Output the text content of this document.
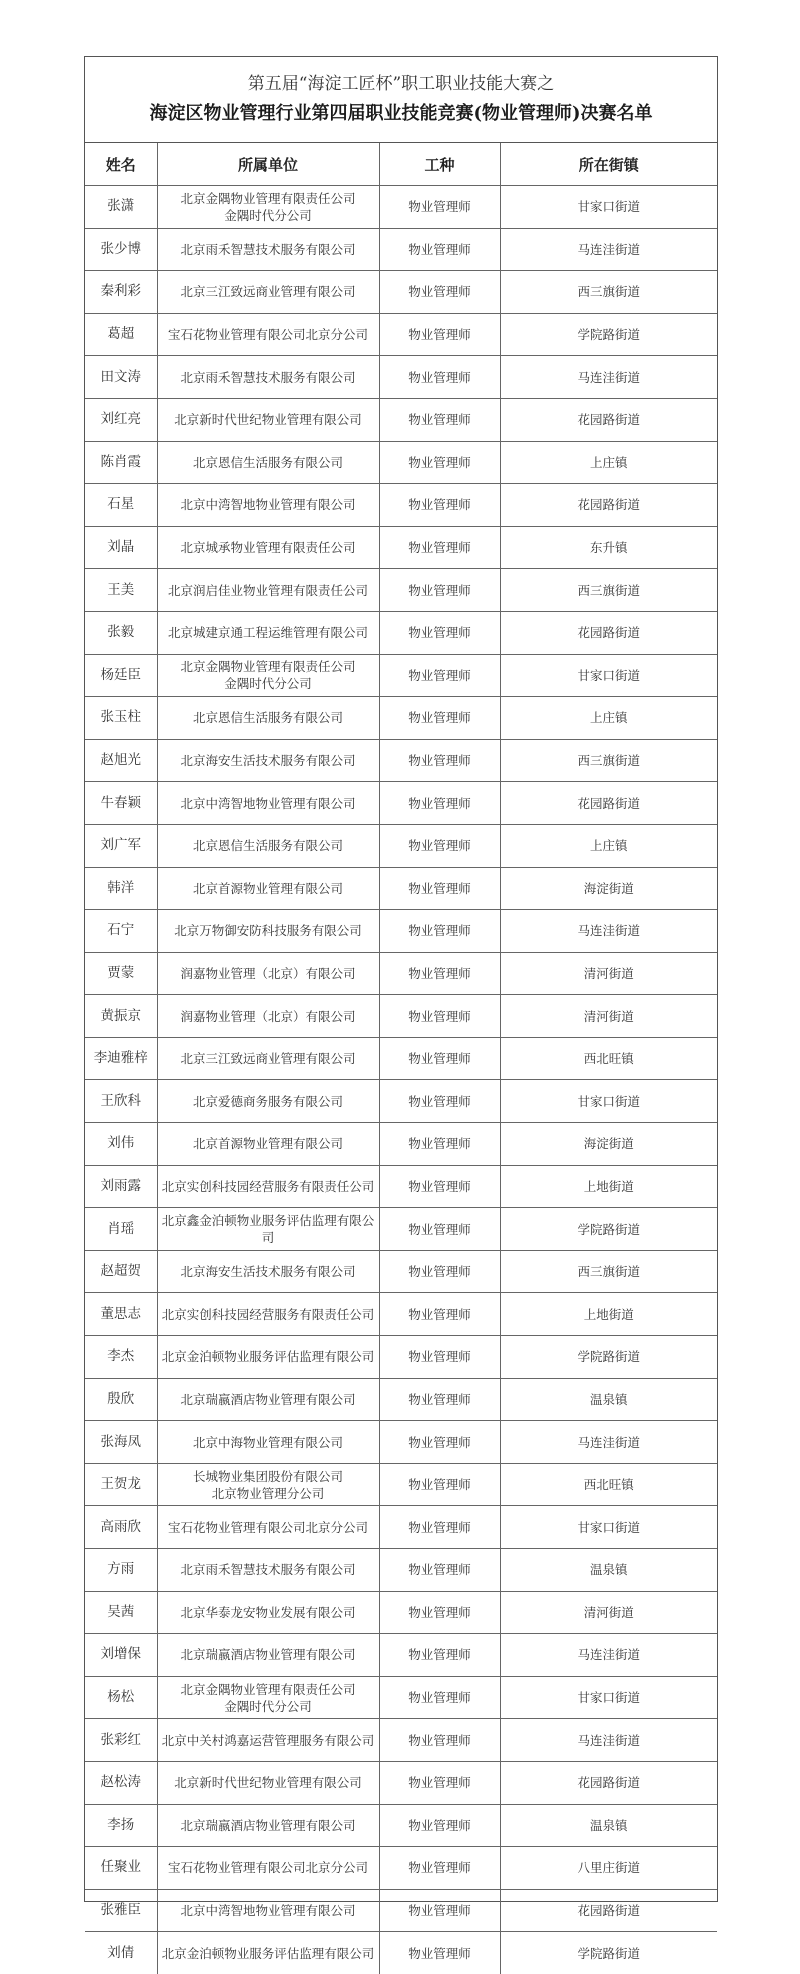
第五届“海淀工匠杯”职工职业技能大赛之
海淀区物业管理行业第四届职业技能竞赛(物业管理师)决赛名单
姓名	所属单位	工种	所在街镇
张潇	北京金隅物业管理有限责任公司
金隅时代分公司	物业管理师	甘家口街道
张少博	北京雨禾智慧技术服务有限公司	物业管理师	马连洼街道
秦利彩	北京三江致远商业管理有限公司	物业管理师	西三旗街道
葛超	宝石花物业管理有限公司北京分公司	物业管理师	学院路街道
田文涛	北京雨禾智慧技术服务有限公司	物业管理师	马连洼街道
刘红亮	北京新时代世纪物业管理有限公司	物业管理师	花园路街道
陈肖霞	北京恩信生活服务有限公司	物业管理师	上庄镇
石星	北京中湾智地物业管理有限公司	物业管理师	花园路街道
刘晶	北京城承物业管理有限责任公司	物业管理师	东升镇
王美	北京润启佳业物业管理有限责任公司	物业管理师	西三旗街道
张毅	北京城建京通工程运维管理有限公司	物业管理师	花园路街道
杨廷臣	北京金隅物业管理有限责任公司
金隅时代分公司	物业管理师	甘家口街道
张玉柱	北京恩信生活服务有限公司	物业管理师	上庄镇
赵旭光	北京海安生活技术服务有限公司	物业管理师	西三旗街道
牛春颖	北京中湾智地物业管理有限公司	物业管理师	花园路街道
刘广军	北京恩信生活服务有限公司	物业管理师	上庄镇
韩洋	北京首源物业管理有限公司	物业管理师	海淀街道
石宁	北京万物御安防科技服务有限公司	物业管理师	马连洼街道
贾蒙	润嘉物业管理（北京）有限公司	物业管理师	清河街道
黄振京	润嘉物业管理（北京）有限公司	物业管理师	清河街道
李迪雅梓	北京三江致远商业管理有限公司	物业管理师	西北旺镇
王欣科	北京爱德商务服务有限公司	物业管理师	甘家口街道
刘伟	北京首源物业管理有限公司	物业管理师	海淀街道
刘雨露	北京实创科技园经营服务有限责任公司	物业管理师	上地街道
肖瑶	北京鑫金泊顿物业服务评估监理有限公
司	物业管理师	学院路街道
赵超贺	北京海安生活技术服务有限公司	物业管理师	西三旗街道
董思志	北京实创科技园经营服务有限责任公司	物业管理师	上地街道
李杰	北京金泊顿物业服务评估监理有限公司	物业管理师	学院路街道
殷欣	北京瑞嬴酒店物业管理有限公司	物业管理师	温泉镇
张海凤	北京中海物业管理有限公司	物业管理师	马连洼街道
王贺龙	长城物业集团股份有限公司
北京物业管理分公司	物业管理师	西北旺镇
高雨欣	宝石花物业管理有限公司北京分公司	物业管理师	甘家口街道
方雨	北京雨禾智慧技术服务有限公司	物业管理师	温泉镇
吴茜	北京华泰龙安物业发展有限公司	物业管理师	清河街道
刘增保	北京瑞嬴酒店物业管理有限公司	物业管理师	马连洼街道
杨松	北京金隅物业管理有限责任公司
金隅时代分公司	物业管理师	甘家口街道
张彩红	北京中关村鸿嘉运营管理服务有限公司	物业管理师	马连洼街道
赵松涛	北京新时代世纪物业管理有限公司	物业管理师	花园路街道
李扬	北京瑞嬴酒店物业管理有限公司	物业管理师	温泉镇
任聚业	宝石花物业管理有限公司北京分公司	物业管理师	八里庄街道
张雅臣	北京中湾智地物业管理有限公司	物业管理师	花园路街道
刘倩	北京金泊顿物业服务评估监理有限公司	物业管理师	学院路街道
